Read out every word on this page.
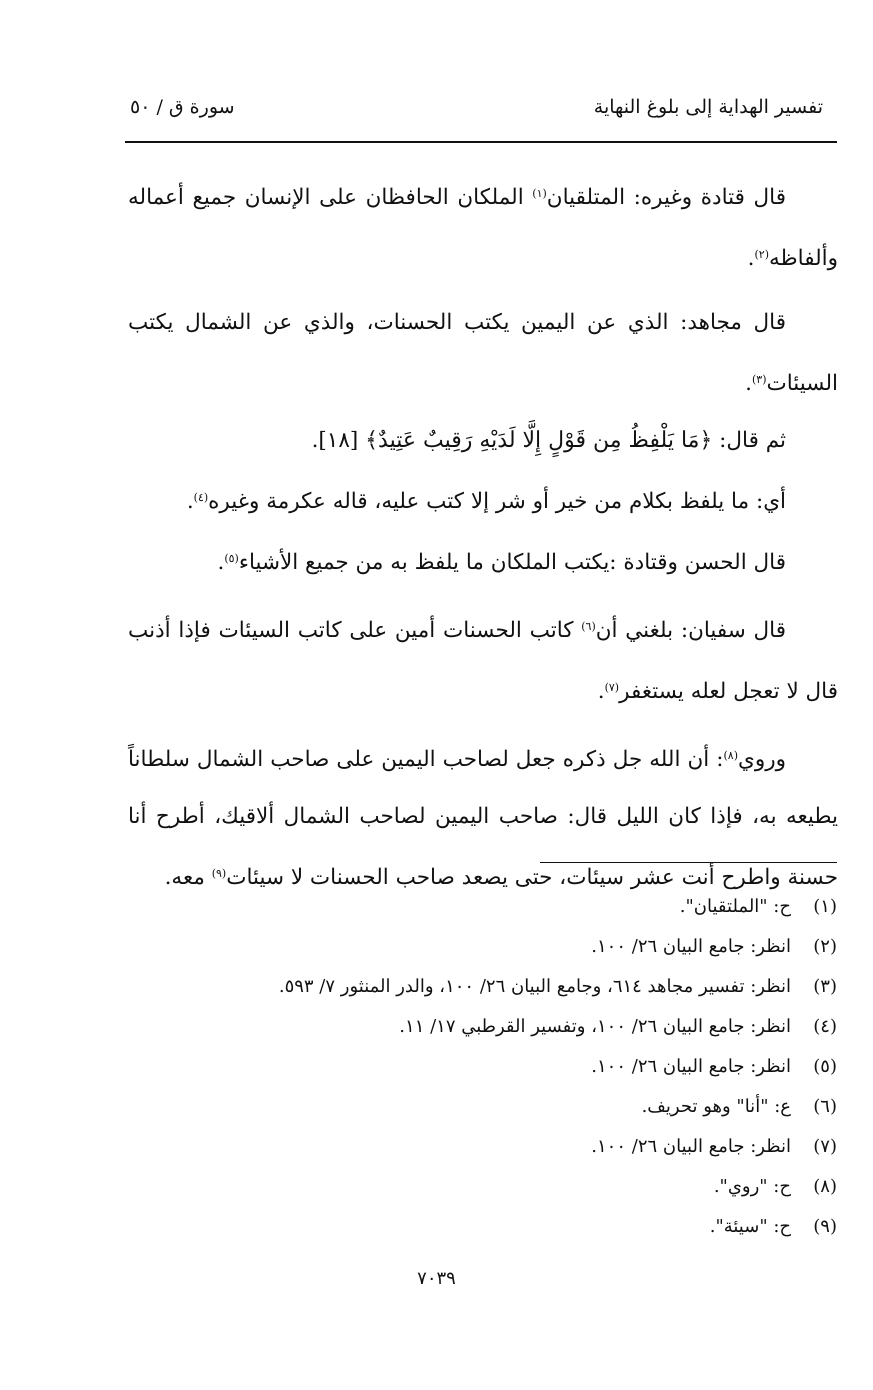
تفسير الهداية إلى بلوغ النهاية
سورة ق / ٥٠

قال قتادة وغيره: المتلقيان$^{(١)}$ الملكان الحافظان على الإنسان جميع أعماله وألفاظه$^{(٢)}$.

قال مجاهد: الذي عن اليمين يكتب الحسنات، والذي عن الشمال يكتب السيئات$^{(٣)}$.

ثم قال: ﴿مَا يَلْفِظُ مِن قَوْلٍ إِلَّا لَدَيْهِ رَقِيبٌ عَتِيدٌ﴾ [١٨].

أي: ما يلفظ بكلام من خير أو شر إلا كتب عليه، قاله عكرمة وغيره$^{(٤)}$.

قال الحسن وقتادة :يكتب الملكان ما يلفظ به من جميع الأشياء$^{(٥)}$.

قال سفيان: بلغني أن$^{(٦)}$ كاتب الحسنات أمين على كاتب السيئات فإذا أذنب قال لا تعجل لعله يستغفر$^{(٧)}$.

وروي$^{(٨)}$: أن الله جل ذكره جعل لصاحب اليمين على صاحب الشمال سلطاناً يطيعه به، فإذا كان الليل قال: صاحب اليمين لصاحب الشمال ألاقيك، أطرح أنا حسنة واطرح أنت عشر سيئات، حتى يصعد صاحب الحسنات لا سيئات$^{(٩)}$ معه.

(١)
ح: "الملتقيان".
(٢)
انظر: جامع البيان ٢٦/ ١٠٠.
(٣)
انظر: تفسير مجاهد ٦١٤، وجامع البيان ٢٦/ ١٠٠، والدر المنثور ٧/ ٥٩٣.
(٤)
انظر: جامع البيان ٢٦/ ١٠٠، وتفسير القرطبي ١٧/ ١١.
(٥)
انظر: جامع البيان ٢٦/ ١٠٠.
(٦)
ع: "أنا" وهو تحريف.
(٧)
انظر: جامع البيان ٢٦/ ١٠٠.
(٨)
ح: "روي".
(٩)
ح: "سيئة".
٧٠٣٩
